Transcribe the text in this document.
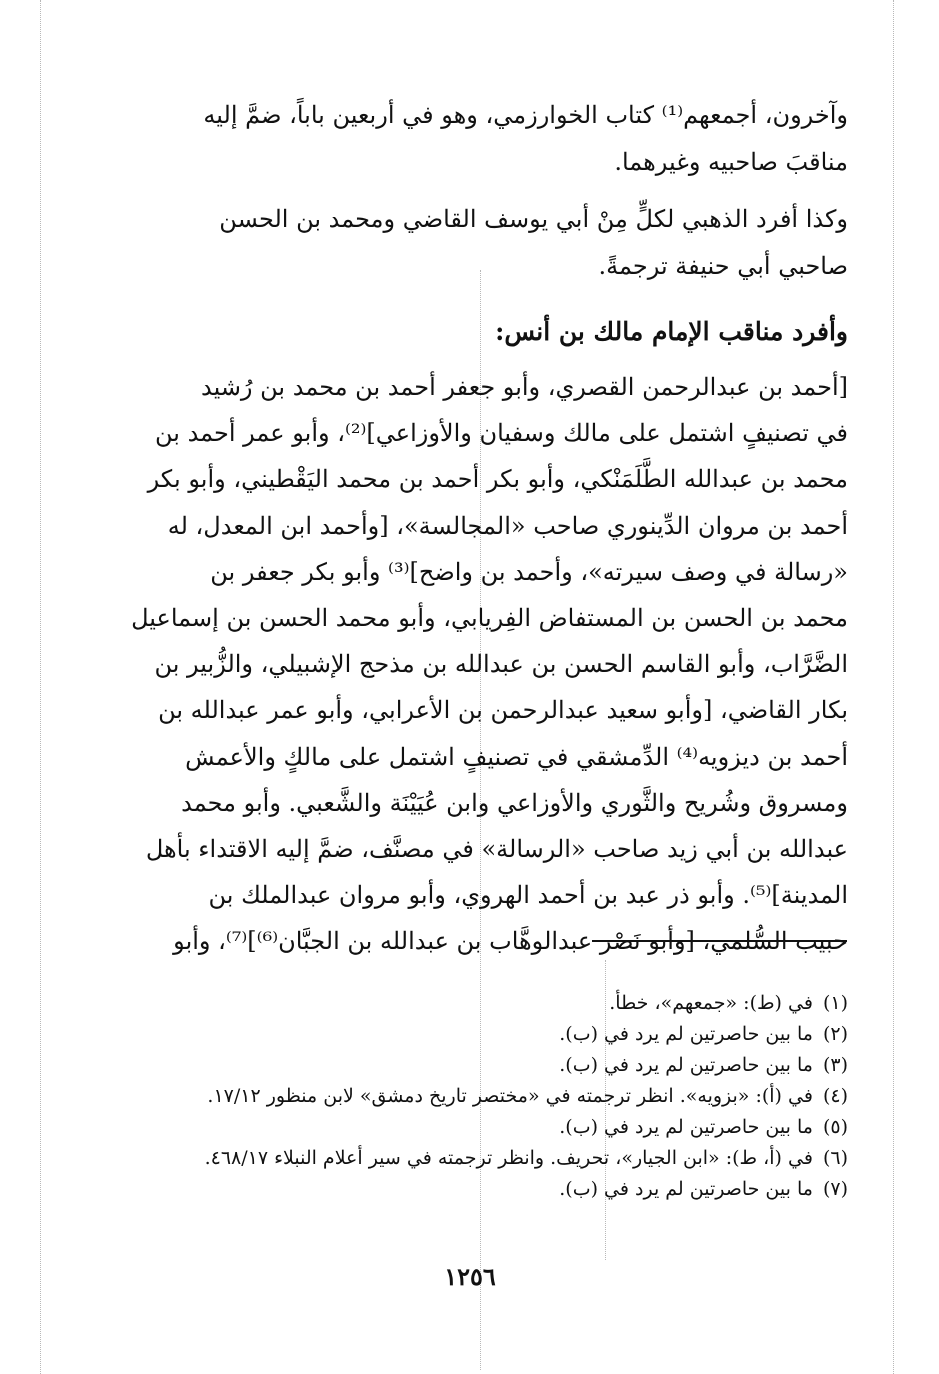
وآخرون، أجمعهم⁽¹⁾ كتاب الخوارزمي، وهو في أربعين باباً، ضمَّ إليه
مناقبَ صاحبيه وغيرهما.
وكذا أفرد الذهبي لكلٍّ مِنْ أبي يوسف القاضي ومحمد بن الحسن
صاحبي أبي حنيفة ترجمةً.
وأفرد مناقب الإمام مالك بن أنس:
[أحمد بن عبدالرحمن القصري، وأبو جعفر أحمد بن محمد بن رُشيد
في تصنيفٍ اشتمل على مالك وسفيان والأوزاعي]⁽²⁾، وأبو عمر أحمد بن
محمد بن عبدالله الطَّلَمَنْكي، وأبو بكر أحمد بن محمد اليَقْطيني، وأبو بكر
أحمد بن مروان الدِّينوري صاحب «المجالسة»، [وأحمد ابن المعدل، له
«رسالة في وصف سيرته»، وأحمد بن واضح]⁽³⁾ وأبو بكر جعفر بن
محمد بن الحسن بن المستفاض الفِريابي، وأبو محمد الحسن بن إسماعيل
الضَّرَّاب، وأبو القاسم الحسن بن عبدالله بن مذحج الإشبيلي، والزُّبير بن
بكار القاضي، [وأبو سعيد عبدالرحمن بن الأعرابي، وأبو عمر عبدالله بن
أحمد بن ديزويه⁽⁴⁾ الدِّمشقي في تصنيفٍ اشتمل على مالكٍ والأعمش
ومسروق وشُريح والثَّوري والأوزاعي وابن عُيَيْنَة والشَّعبي. وأبو محمد
عبدالله بن أبي زيد صاحب «الرسالة» في مصنَّف، ضمَّ إليه الاقتداء بأهل
المدينة]⁽⁵⁾. وأبو ذر عبد بن أحمد الهروي، وأبو مروان عبدالملك بن
حبيب السُّلمي، [وأبو نَصْر عبدالوهَّاب بن عبدالله بن الجبَّان⁽⁶⁾]⁽⁷⁾، وأبو
(١)في (ط): «جمعهم»، خطأ.
(٢)ما بين حاصرتين لم يرد في (ب).
(٣)ما بين حاصرتين لم يرد في (ب).
(٤)في (أ): «بزويه». انظر ترجمته في «مختصر تاريخ دمشق» لابن منظور ١٧/١٢.
(٥)ما بين حاصرتين لم يرد في (ب).
(٦)في (أ، ط): «ابن الجيار»، تحريف. وانظر ترجمته في سير أعلام النبلاء ٤٦٨/١٧.
(٧)ما بين حاصرتين لم يرد في (ب).
١٢٥٦
